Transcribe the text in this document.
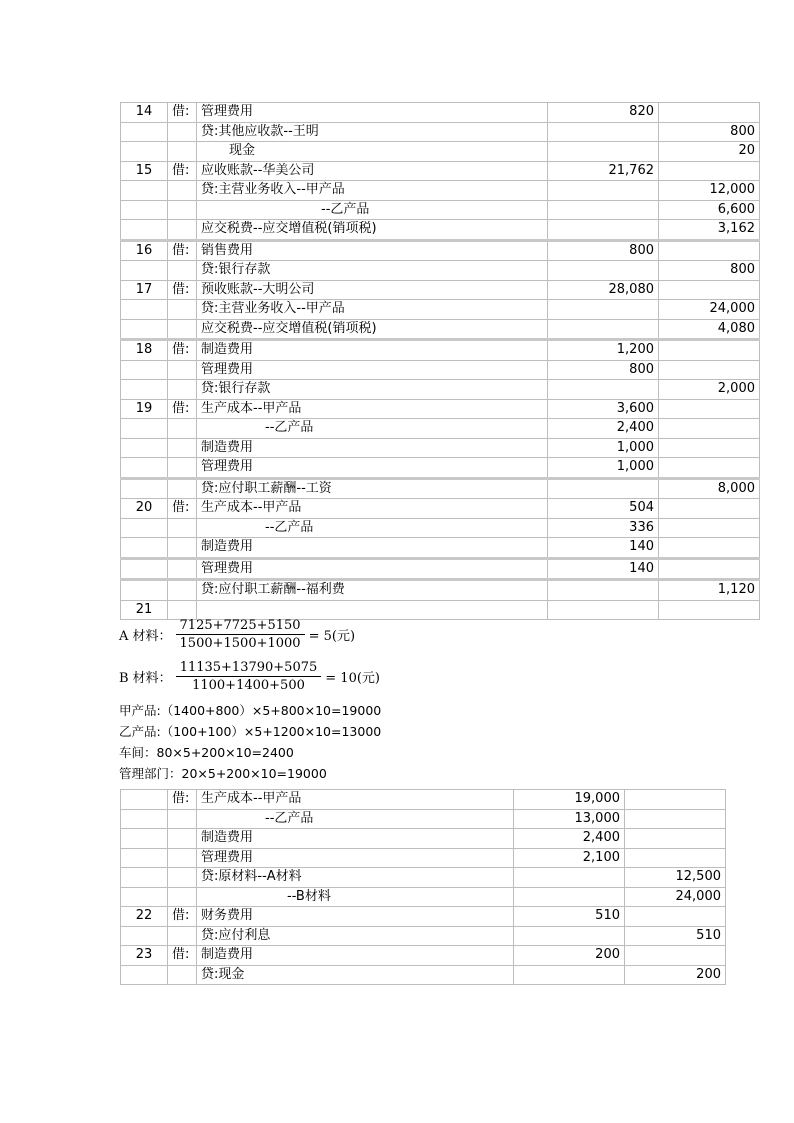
14	借:	管理费用	820	
		贷:其他应收款--王明		800
		现金		20
15	借:	应收账款--华美公司	21,762	
		贷:主营业务收入--甲产品		12,000
		--乙产品		6,600
		应交税费--应交增值税(销项税)		3,162
16	借:	销售费用	800	
		贷:银行存款		800
17	借:	预收账款--大明公司	28,080	
		贷:主营业务收入--甲产品		24,000
		应交税费--应交增值税(销项税)		4,080
18	借:	制造费用	1,200	
		管理费用	800	
		贷:银行存款		2,000
19	借:	生产成本--甲产品	3,600	
		--乙产品	2,400	
		制造费用	1,000	
		管理费用	1,000	
		贷:应付职工薪酬--工资		8,000
20	借:	生产成本--甲产品	504	
		--乙产品	336	
		制造费用	140	
		管理费用	140	
		贷:应付职工薪酬--福利费		1,120
21				
A 材料： $\frac{7125+7725+5150}{1500+1500+1000} = 5$(元)
B 材料： $\frac{11135+13790+5075}{1100+1400+500} = 10$(元)
甲产品:（1400+800）×5+800×10=19000
乙产品:（100+100）×5+1200×10=13000
车间：80×5+200×10=2400
管理部门：20×5+200×10=19000
	借:	生产成本--甲产品	19,000	
		--乙产品	13,000	
		制造费用	2,400	
		管理费用	2,100	
		贷:原材料--A材料		12,500
		--B材料		24,000
22	借:	财务费用	510	
		贷:应付利息		510
23	借:	制造费用	200	
		贷:现金		200
